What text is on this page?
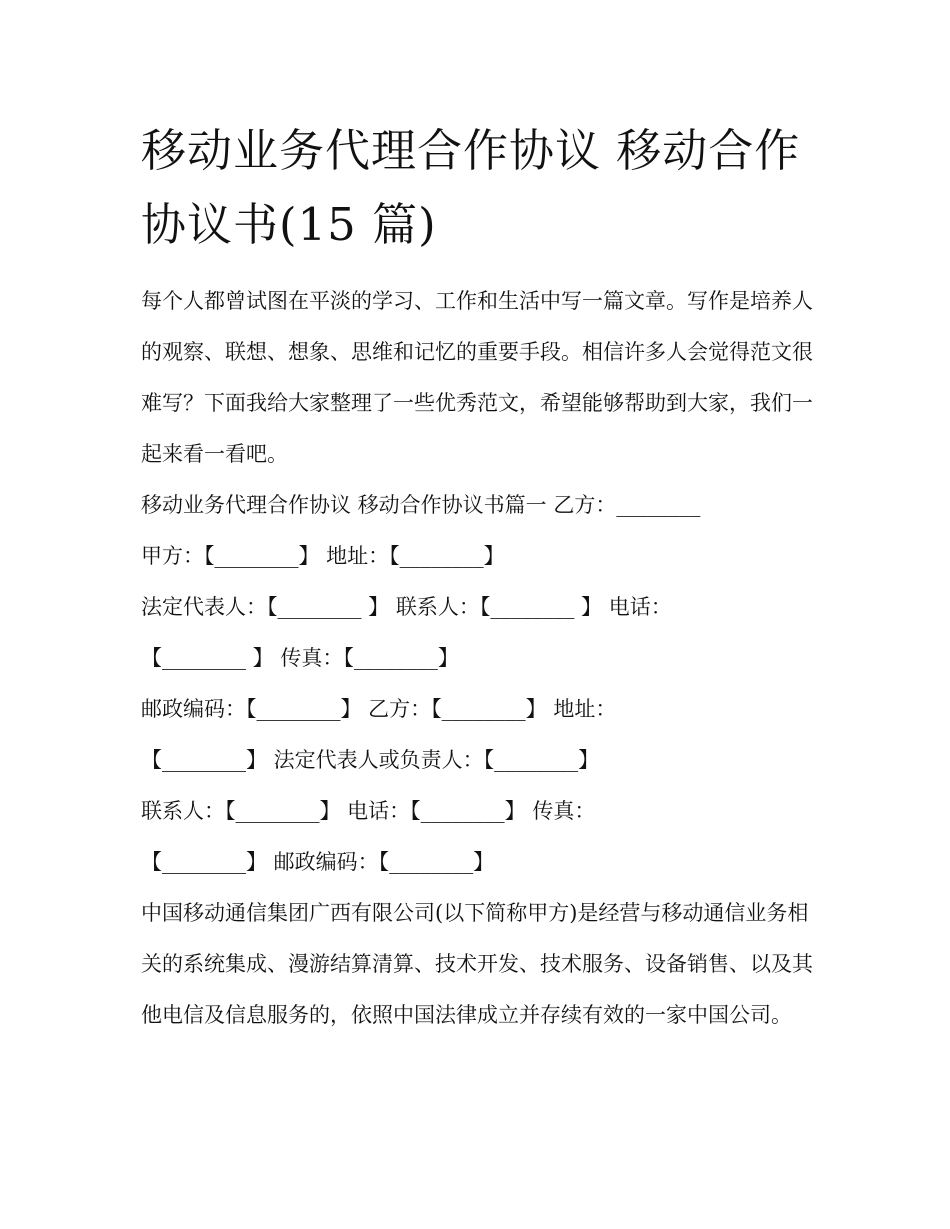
移动业务代理合作协议 移动合作协议书(15 篇)

每个人都曾试图在平淡的学习、工作和生活中写一篇文章。写作是培养人的观察、联想、想象、思维和记忆的重要手段。相信许多人会觉得范文很难写？下面我给大家整理了一些优秀范文，希望能够帮助到大家，我们一起来看一看吧。

移动业务代理合作协议 移动合作协议书篇一 乙方：________

甲方：【________】 地址：【________】

法定代表人：【________ 】 联系人：【________ 】 电话：

【________ 】 传真：【________】

邮政编码：【________】 乙方：【________】 地址：

【________】 法定代表人或负责人：【________】

联系人：【________】 电话：【________】 传真：

【________】 邮政编码：【________】

中国移动通信集团广西有限公司(以下简称甲方)是经营与移动通信业务相关的系统集成、漫游结算清算、技术开发、技术服务、设备销售、以及其他电信及信息服务的，依照中国法律成立并存续有效的一家中国公司。
